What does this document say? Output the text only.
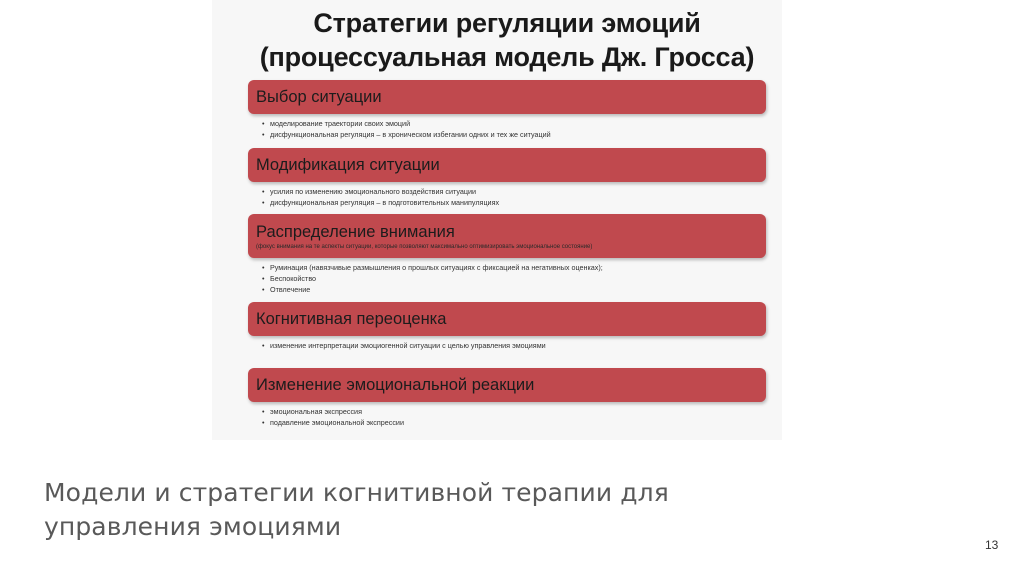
Стратегии регуляции эмоций
(процессуальная модель Дж. Гросса)
Выбор ситуации
• моделирование траектории своих эмоций
• дисфункциональная регуляция – в хроническом избегании одних и тех же ситуаций
Модификация ситуации
• усилия по изменению эмоционального воздействия ситуации
• дисфункциональная регуляция – в подготовительных манипуляциях
Распределение внимания
(фокус внимания на те аспекты ситуации, которые позволяют максимально оптимизировать эмоциональное состояние)
• Руминация (навязчивые размышления о прошлых ситуациях с фиксацией на негативных оценках);
• Беспокойство
• Отвлечение
Когнитивная переоценка
• изменение интерпретации эмоциогенной ситуации с целью управления эмоциями
Изменение эмоциональной реакции
• эмоциональная экспрессия
• подавление эмоциональной экспрессии
Модели и стратегии когнитивной терапии для управления эмоциями
13
